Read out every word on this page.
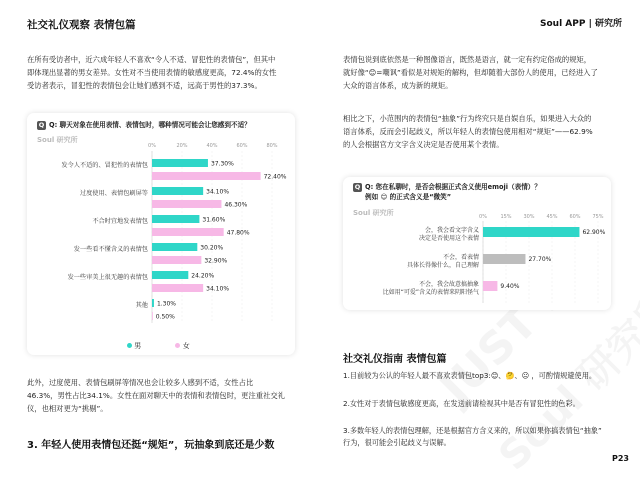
社交礼仪观察 表情包篇	Soul APP | 研究所
在所有受访者中，近六成年轻人不喜欢“令人不适、冒犯性的表情包”，但其中
即体现出显著的男女差异。女性对不当使用表情的敏感度更高，72.4%的女性
受访者表示，冒犯性的表情包会让她们感到不适，远高于男性的37.3%。
Q Q: 聊天对象在使用表情、表情包时，哪种情况可能会让您感到不适？
Soul 研究所
0%	20%	40%	60%	80%
发令人不适的、冒犯性的表情包	37.30%
72.40%
过度使用、表情包刷屏等	34.10%
46.30%
不合时宜地发表情包	31.60%
47.80%
发一些看不懂含义的表情包	30.20%
32.90%
发一些审美上很无趣的表情包	24.20%
34.10%
其他 1.30%
0.50%
男	女
此外，过度使用、表情包刷屏等情况也会让较多人感到不适，女性占比
46.3%，男性占比34.1%。女性在面对聊天中的表情和表情包时，更注重社交礼
仪，也相对更为“挑剔”。
3. 年轻人使用表情包还挺“规矩”，玩抽象到底还是少数
表情包说到底依然是一种图像语言，既然是语言，就一定有约定俗成的规矩，
就好像“😊=嘲讽”看似是对规矩的解构，但却随着大部份人的使用，已经进入了
大众的语言体系，成为新的规矩。
相比之下，小范围内的表情包“抽象”行为终究只是自娱自乐，如果进入大众的
语言体系，反而会引起歧义，所以年轻人的表情包使用相对“规矩”——62.9%
的人会根据官方文字含义决定是否使用某个表情。
Q Q: 您在私聊时，是否会根据正式含义使用emoji（表情）？
例如 😊 的正式含义是“微笑”
Soul 研究所	0%	15% 30% 45% 60% 75%
会，我会看文字含义
决定是否使用这个表情
62.90%
不会，看表情
具体长得像什么，自己理解
27.70%
不会，我会故意搞抽象
比如用“可爱”含义的表情来阴阳怪气
9.40%
社交礼仪指南 表情包篇
1.目前较为公认的年轻人最不喜欢表情包top3:😊、🤔、😐 ，可酌情规避使用。
2.女性对于表情包敏感度更高，在发送前请检视其中是否有冒犯性的色彩。
3.多数年轻人的表情包理解，还是根据官方含义来的，所以如果你搞表情包“抽象”
行为，很可能会引起歧义与误解。
P23
